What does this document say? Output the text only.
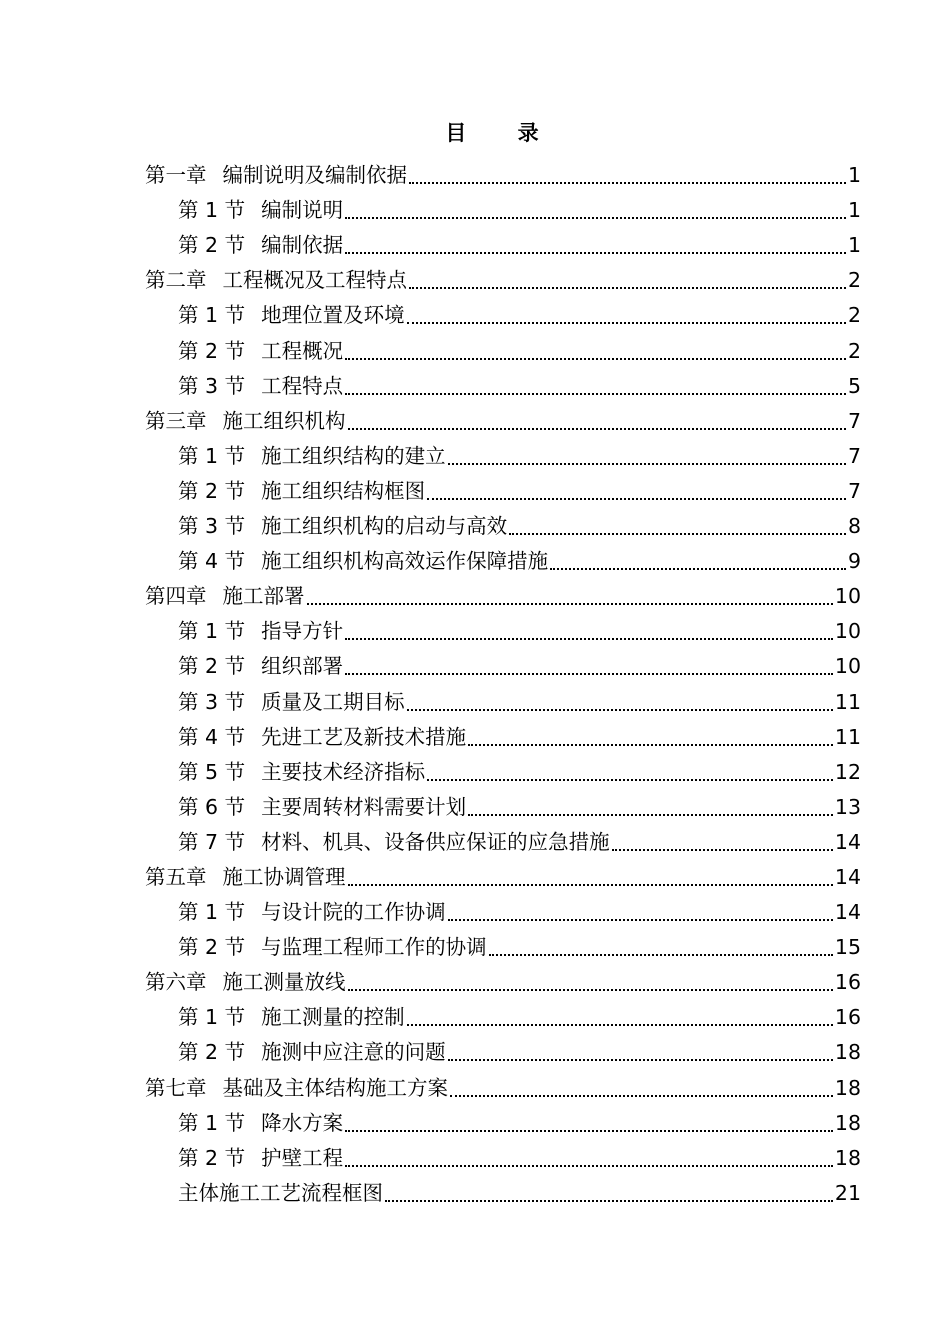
目 录
第一章 编制说明及编制依据	1
第 1 节 编制说明	1
第 2 节 编制依据	1
第二章 工程概况及工程特点	2
第 1 节 地理位置及环境	2
第 2 节 工程概况	2
第 3 节 工程特点	5
第三章 施工组织机构	7
第 1 节 施工组织结构的建立	7
第 2 节 施工组织结构框图	7
第 3 节 施工组织机构的启动与高效	8
第 4 节 施工组织机构高效运作保障措施	9
第四章 施工部署	10
第 1 节 指导方针	10
第 2 节 组织部署	10
第 3 节 质量及工期目标	11
第 4 节 先进工艺及新技术措施	11
第 5 节 主要技术经济指标	12
第 6 节 主要周转材料需要计划	13
第 7 节 材料、机具、设备供应保证的应急措施	14
第五章 施工协调管理	14
第 1 节 与设计院的工作协调	14
第 2 节 与监理工程师工作的协调	15
第六章 施工测量放线	16
第 1 节 施工测量的控制	16
第 2 节 施测中应注意的问题	18
第七章 基础及主体结构施工方案	18
第 1 节 降水方案	18
第 2 节 护壁工程	18
主体施工工艺流程框图	21
